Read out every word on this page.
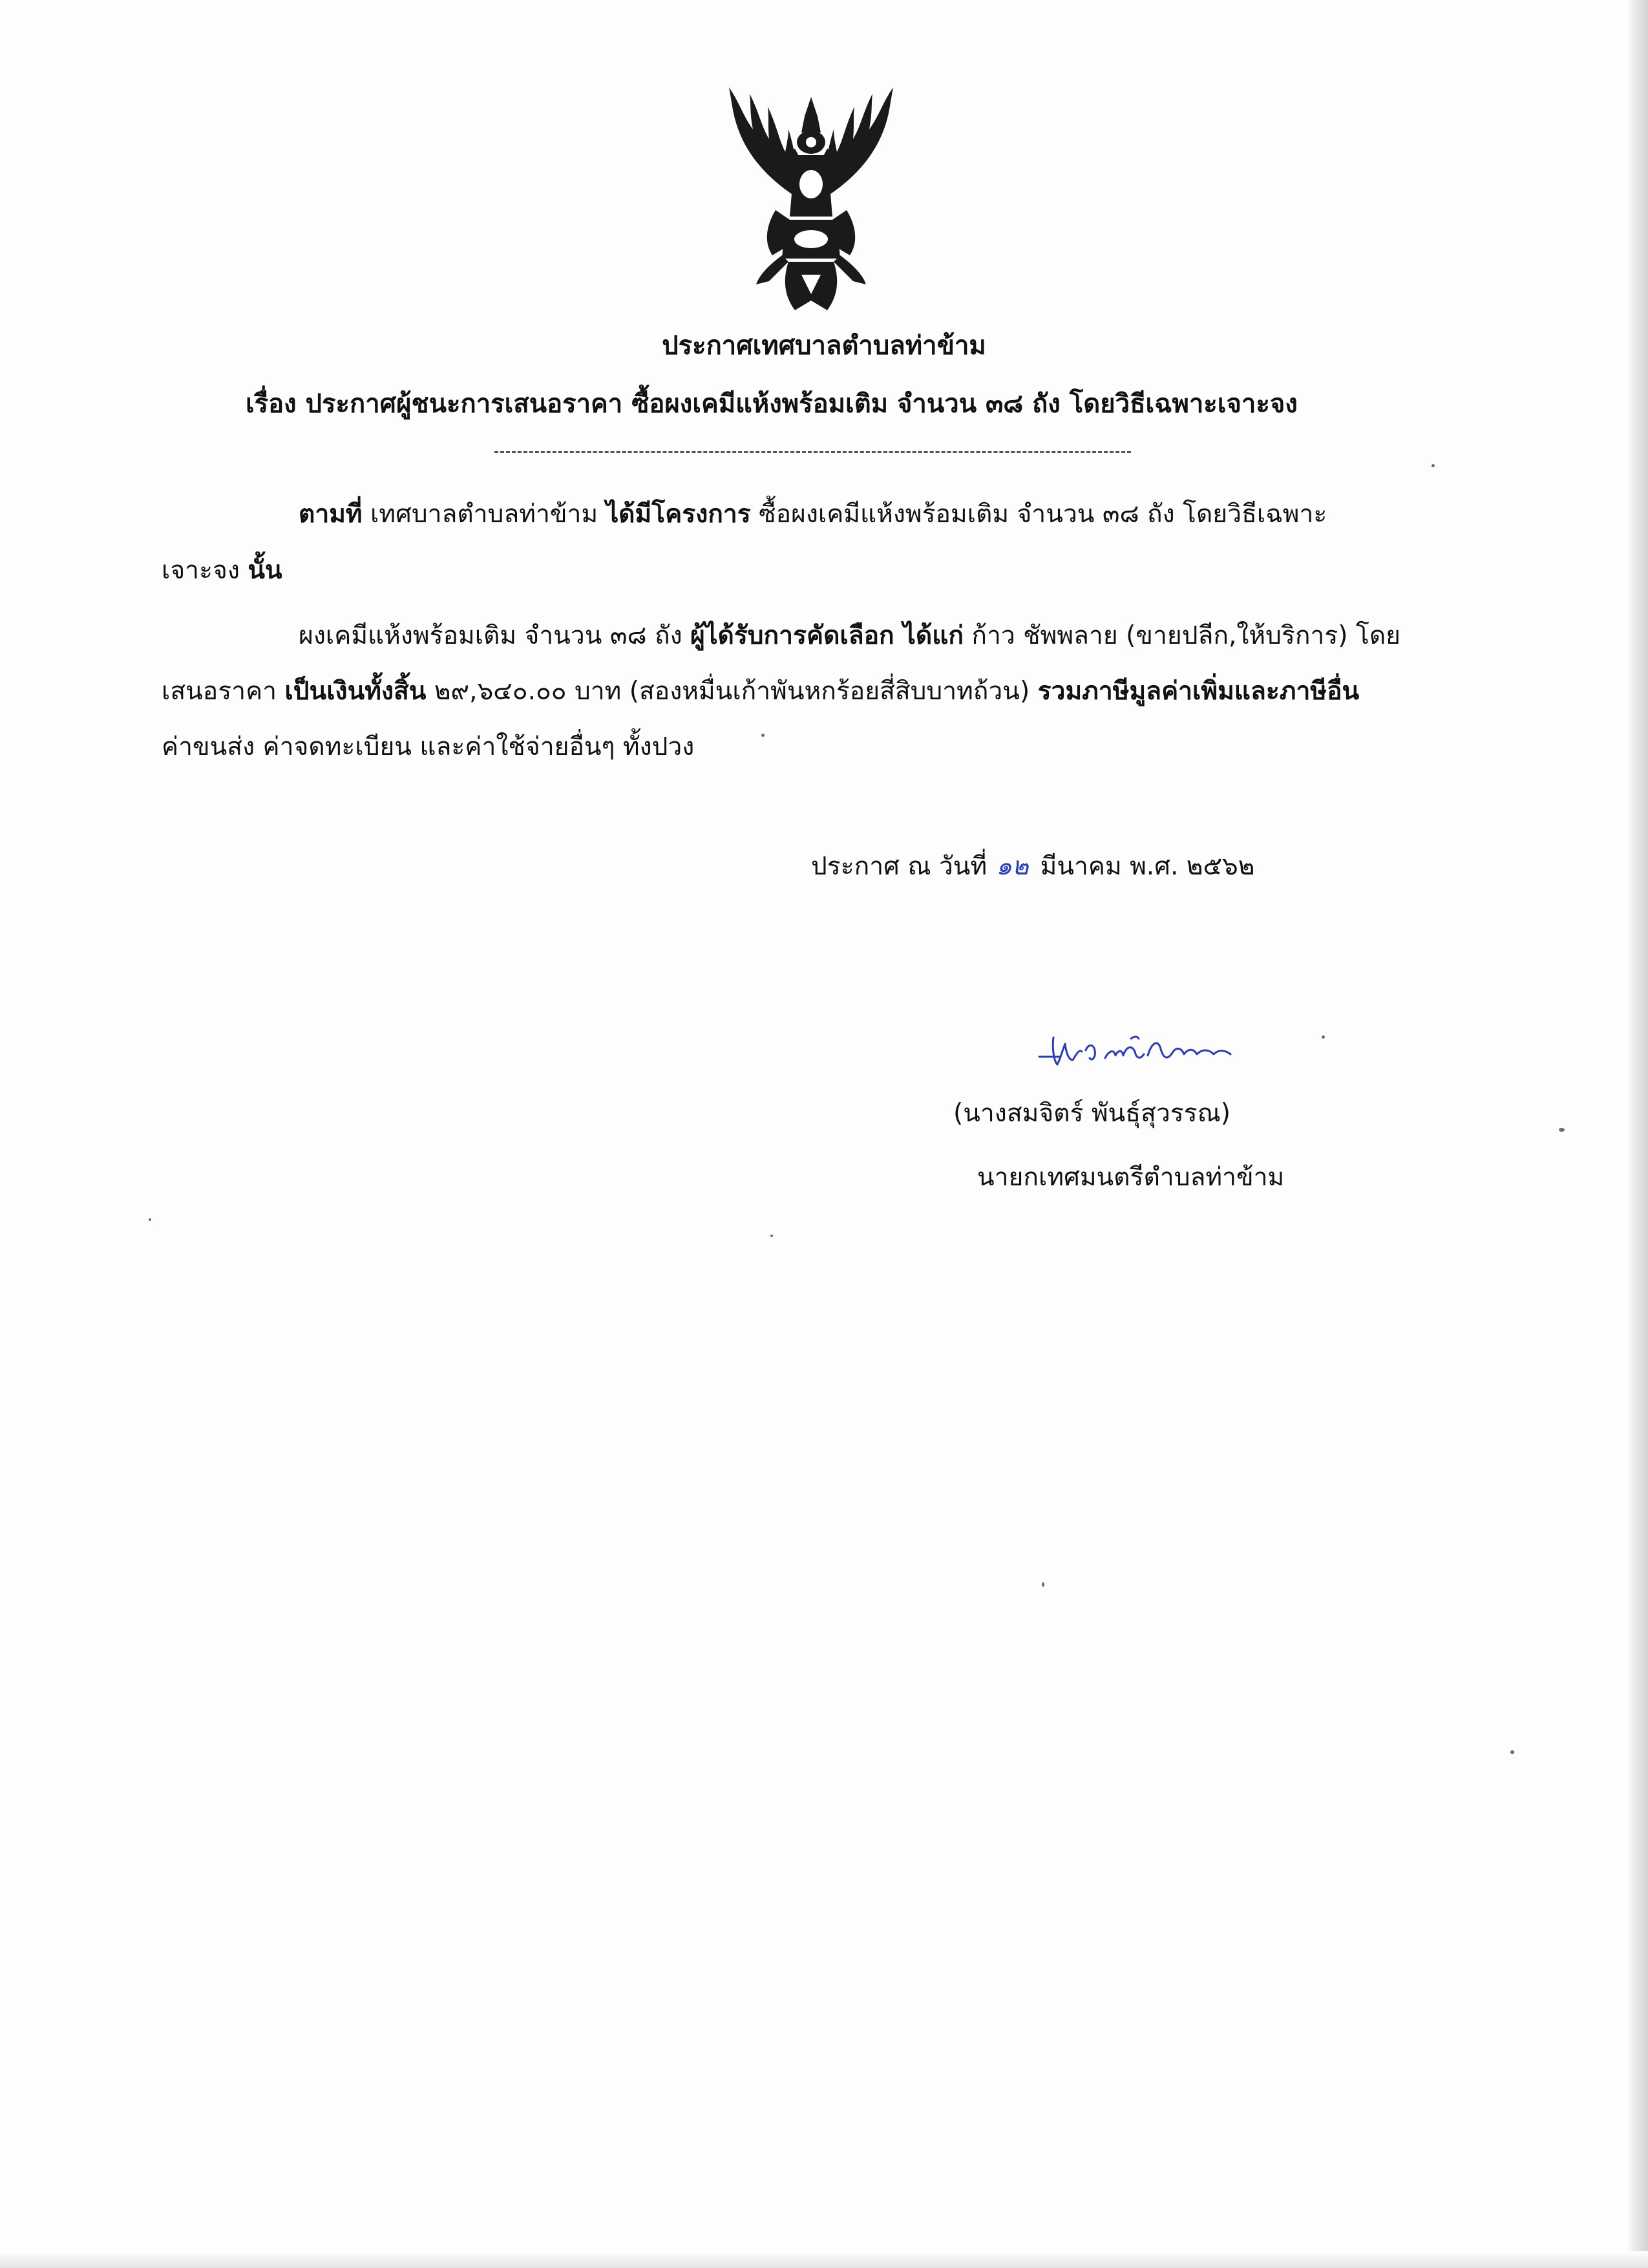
ประกาศเทศบาลตำบลท่าข้าม
เรื่อง ประกาศผู้ชนะการเสนอราคา ซื้อผงเคมีแห้งพร้อมเติม จำนวน ๓๘ ถัง โดยวิธีเฉพาะเจาะจง
ตามที่ เทศบาลตำบลท่าข้าม ได้มีโครงการ ซื้อผงเคมีแห้งพร้อมเติม จำนวน ๓๘ ถัง โดยวิธีเฉพาะ
เจาะจง นั้น
ผงเคมีแห้งพร้อมเติม จำนวน ๓๘ ถัง ผู้ได้รับการคัดเลือก ได้แก่ ก้าว ชัพพลาย (ขายปลีก,ให้บริการ) โดย
เสนอราคา เป็นเงินทั้งสิ้น ๒๙,๖๔๐.๐๐ บาท (สองหมื่นเก้าพันหกร้อยสี่สิบบาทถ้วน) รวมภาษีมูลค่าเพิ่มและภาษีอื่น
ค่าขนส่ง ค่าจดทะเบียน และค่าใช้จ่ายอื่นๆ ทั้งปวง
ประกาศ ณ วันที่ ๑๒ มีนาคม พ.ศ. ๒๕๖๒
(นางสมจิตร์ พันธุ์สุวรรณ)
นายกเทศมนตรีตำบลท่าข้าม
